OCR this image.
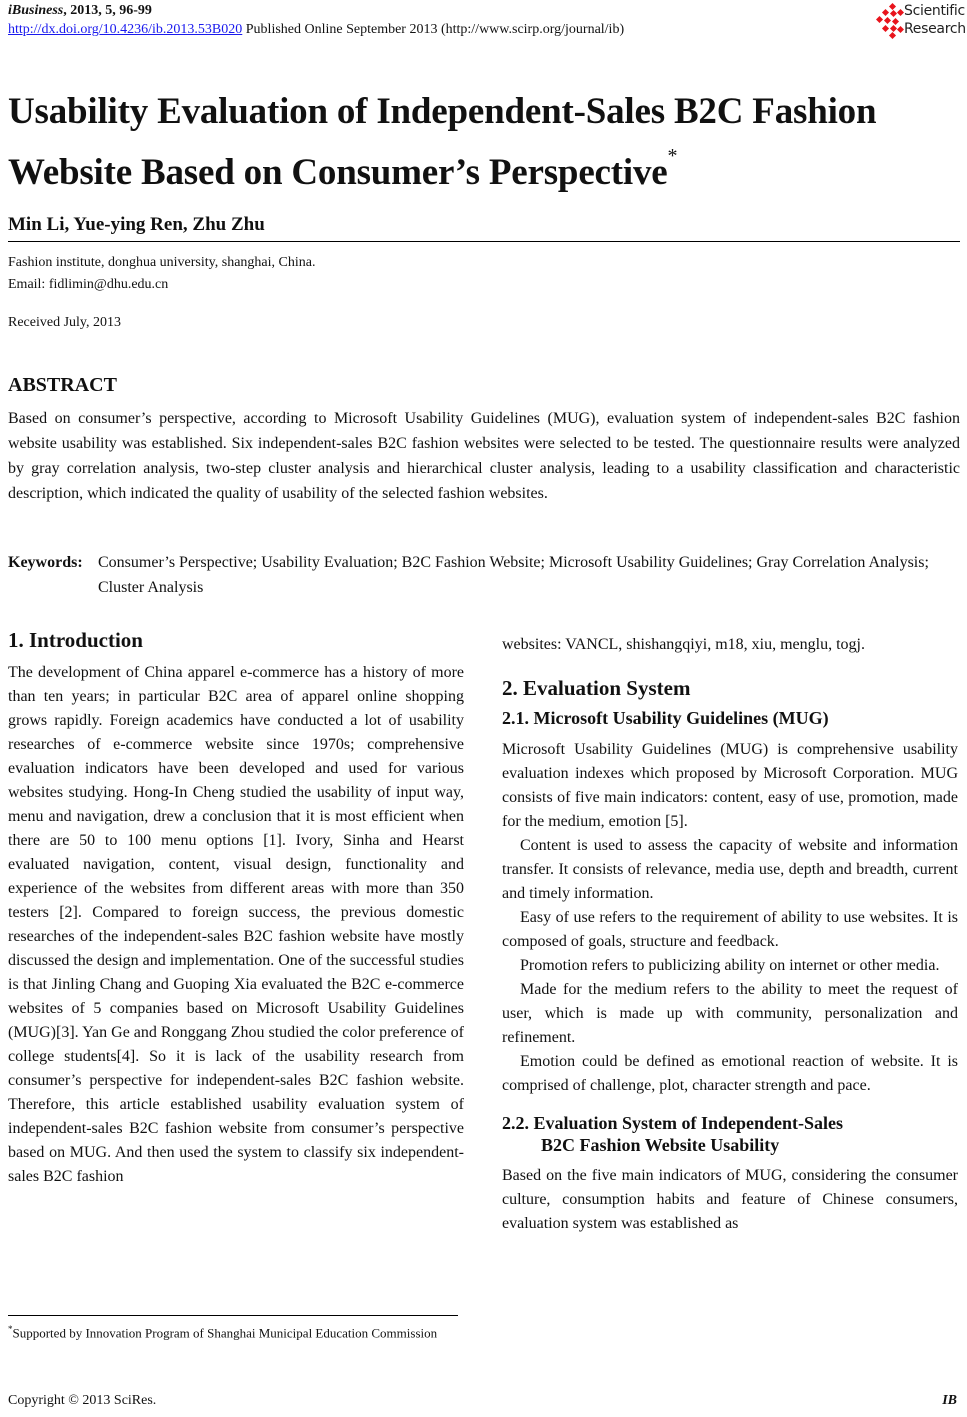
iBusiness, 2013, 5, 96-99
http://dx.doi.org/10.4236/ib.2013.53B020 Published Online September 2013 (http://www.scirp.org/journal/ib)
Scientific
Research
Usability Evaluation of Independent-Sales B2C Fashion
Website Based on Consumer’s Perspective*
Min Li, Yue-ying Ren, Zhu Zhu
Fashion institute, donghua university, shanghai, China.
Email: fidlimin@dhu.edu.cn
Received July, 2013
ABSTRACT
Based on consumer’s perspective, according to Microsoft Usability Guidelines (MUG), evaluation system of independent-sales B2C fashion website usability was established. Six independent-sales B2C fashion websites were selected to be tested. The questionnaire results were analyzed by gray correlation analysis, two-step cluster analysis and hierarchical cluster analysis, leading to a usability classification and characteristic description, which indicated the quality of usability of the selected fashion websites.
Keywords: Consumer’s Perspective; Usability Evaluation; B2C Fashion Website; Microsoft Usability Guidelines; Gray Correlation Analysis; Cluster Analysis
1. Introduction

The development of China apparel e-commerce has a history of more than ten years; in particular B2C area of apparel online shopping grows rapidly. Foreign academics have conducted a lot of usability researches of e-commerce website since 1970s; comprehensive evaluation indicators have been developed and used for various websites studying. Hong-In Cheng studied the usability of input way, menu and navigation, drew a conclusion that it is most efficient when there are 50 to 100 menu options [1]. Ivory, Sinha and Hearst evaluated navigation, content, visual design, functionality and experience of the websites from different areas with more than 350 testers [2]. Compared to foreign success, the previous domestic researches of the independent-sales B2C fashion website have mostly discussed the design and implementation. One of the successful studies is that Jinling Chang and Guoping Xia evaluated the B2C e-commerce websites of 5 companies based on Microsoft Usability Guidelines (MUG)[3]. Yan Ge and Ronggang Zhou studied the color preference of college students[4]. So it is lack of the usability research from consumer’s perspective for independent-sales B2C fashion website. Therefore, this article established usability evaluation system of independent-sales B2C fashion website from consumer’s perspective based on MUG. And then used the system to classify six independent-sales B2C fashion

*Supported by Innovation Program of Shanghai Municipal Education Commission

websites: VANCL, shishangqiyi, m18, xiu, menglu, togj.

2. Evaluation System
2.1. Microsoft Usability Guidelines (MUG)

Microsoft Usability Guidelines (MUG) is comprehensive usability evaluation indexes which proposed by Microsoft Corporation. MUG consists of five main indicators: content, easy of use, promotion, made for the medium, emotion [5].

Content is used to assess the capacity of website and information transfer. It consists of relevance, media use, depth and breadth, current and timely information.

Easy of use refers to the requirement of ability to use websites. It is composed of goals, structure and feedback.

Promotion refers to publicizing ability on internet or other media.

Made for the medium refers to the ability to meet the request of user, which is made up with community, personalization and refinement.

Emotion could be defined as emotional reaction of website. It is comprised of challenge, plot, character strength and pace.

2.2. Evaluation System of Independent-Sales
B2C Fashion Website Usability

Based on the five main indicators of MUG, considering the consumer culture, consumption habits and feature of Chinese consumers, evaluation system was established as

Copyright © 2013 SciRes.	IB
